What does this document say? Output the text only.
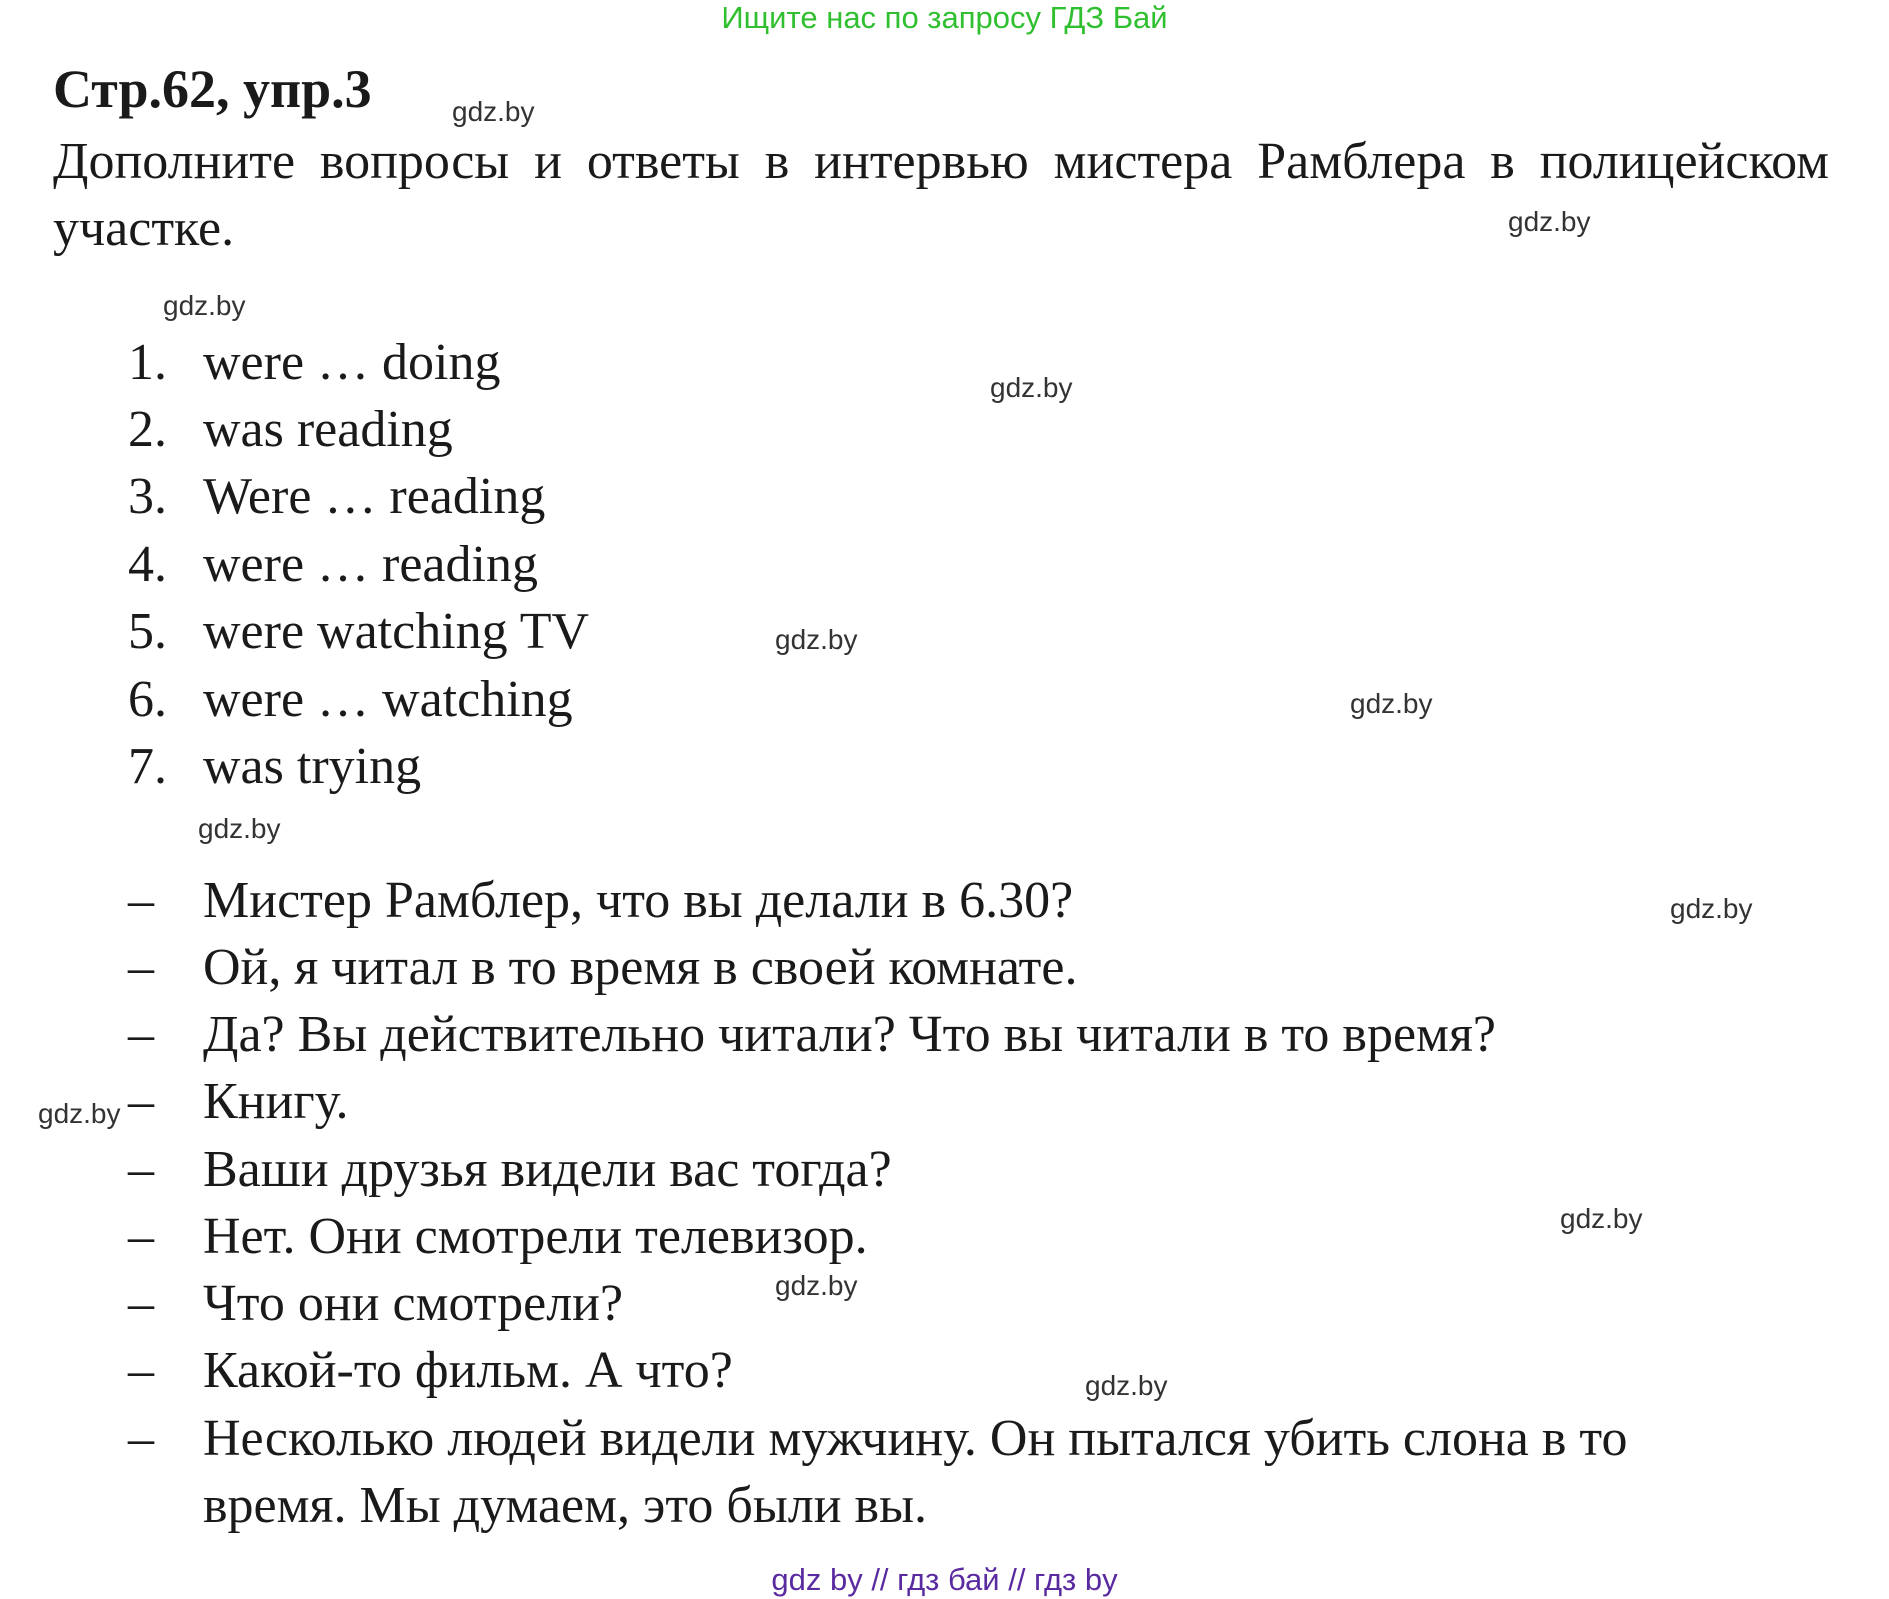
Ищите нас по запросу ГДЗ Бай
Стр.62, упр.3
Дополните вопросы и ответы в интервью мистера Рамблера в полицейском участке.
1. were … doing
2. was reading
3. Were … reading
4. were … reading
5. were watching TV
6. were … watching
7. was trying
– Мистер Рамблер, что вы делали в 6.30?
– Ой, я читал в то время в своей комнате.
– Да? Вы действительно читали? Что вы читали в то время?
– Книгу.
– Ваши друзья видели вас тогда?
– Нет. Они смотрели телевизор.
– Что они смотрели?
– Какой-то фильм. А что?
– Несколько людей видели мужчину. Он пытался убить слона в то
время. Мы думаем, это были вы.
gdz.by
gdz.by
gdz.by
gdz.by
gdz.by
gdz.by
gdz.by
gdz.by
gdz.by
gdz.by
gdz.by
gdz.by
gdz by // гдз бай // гдз by
